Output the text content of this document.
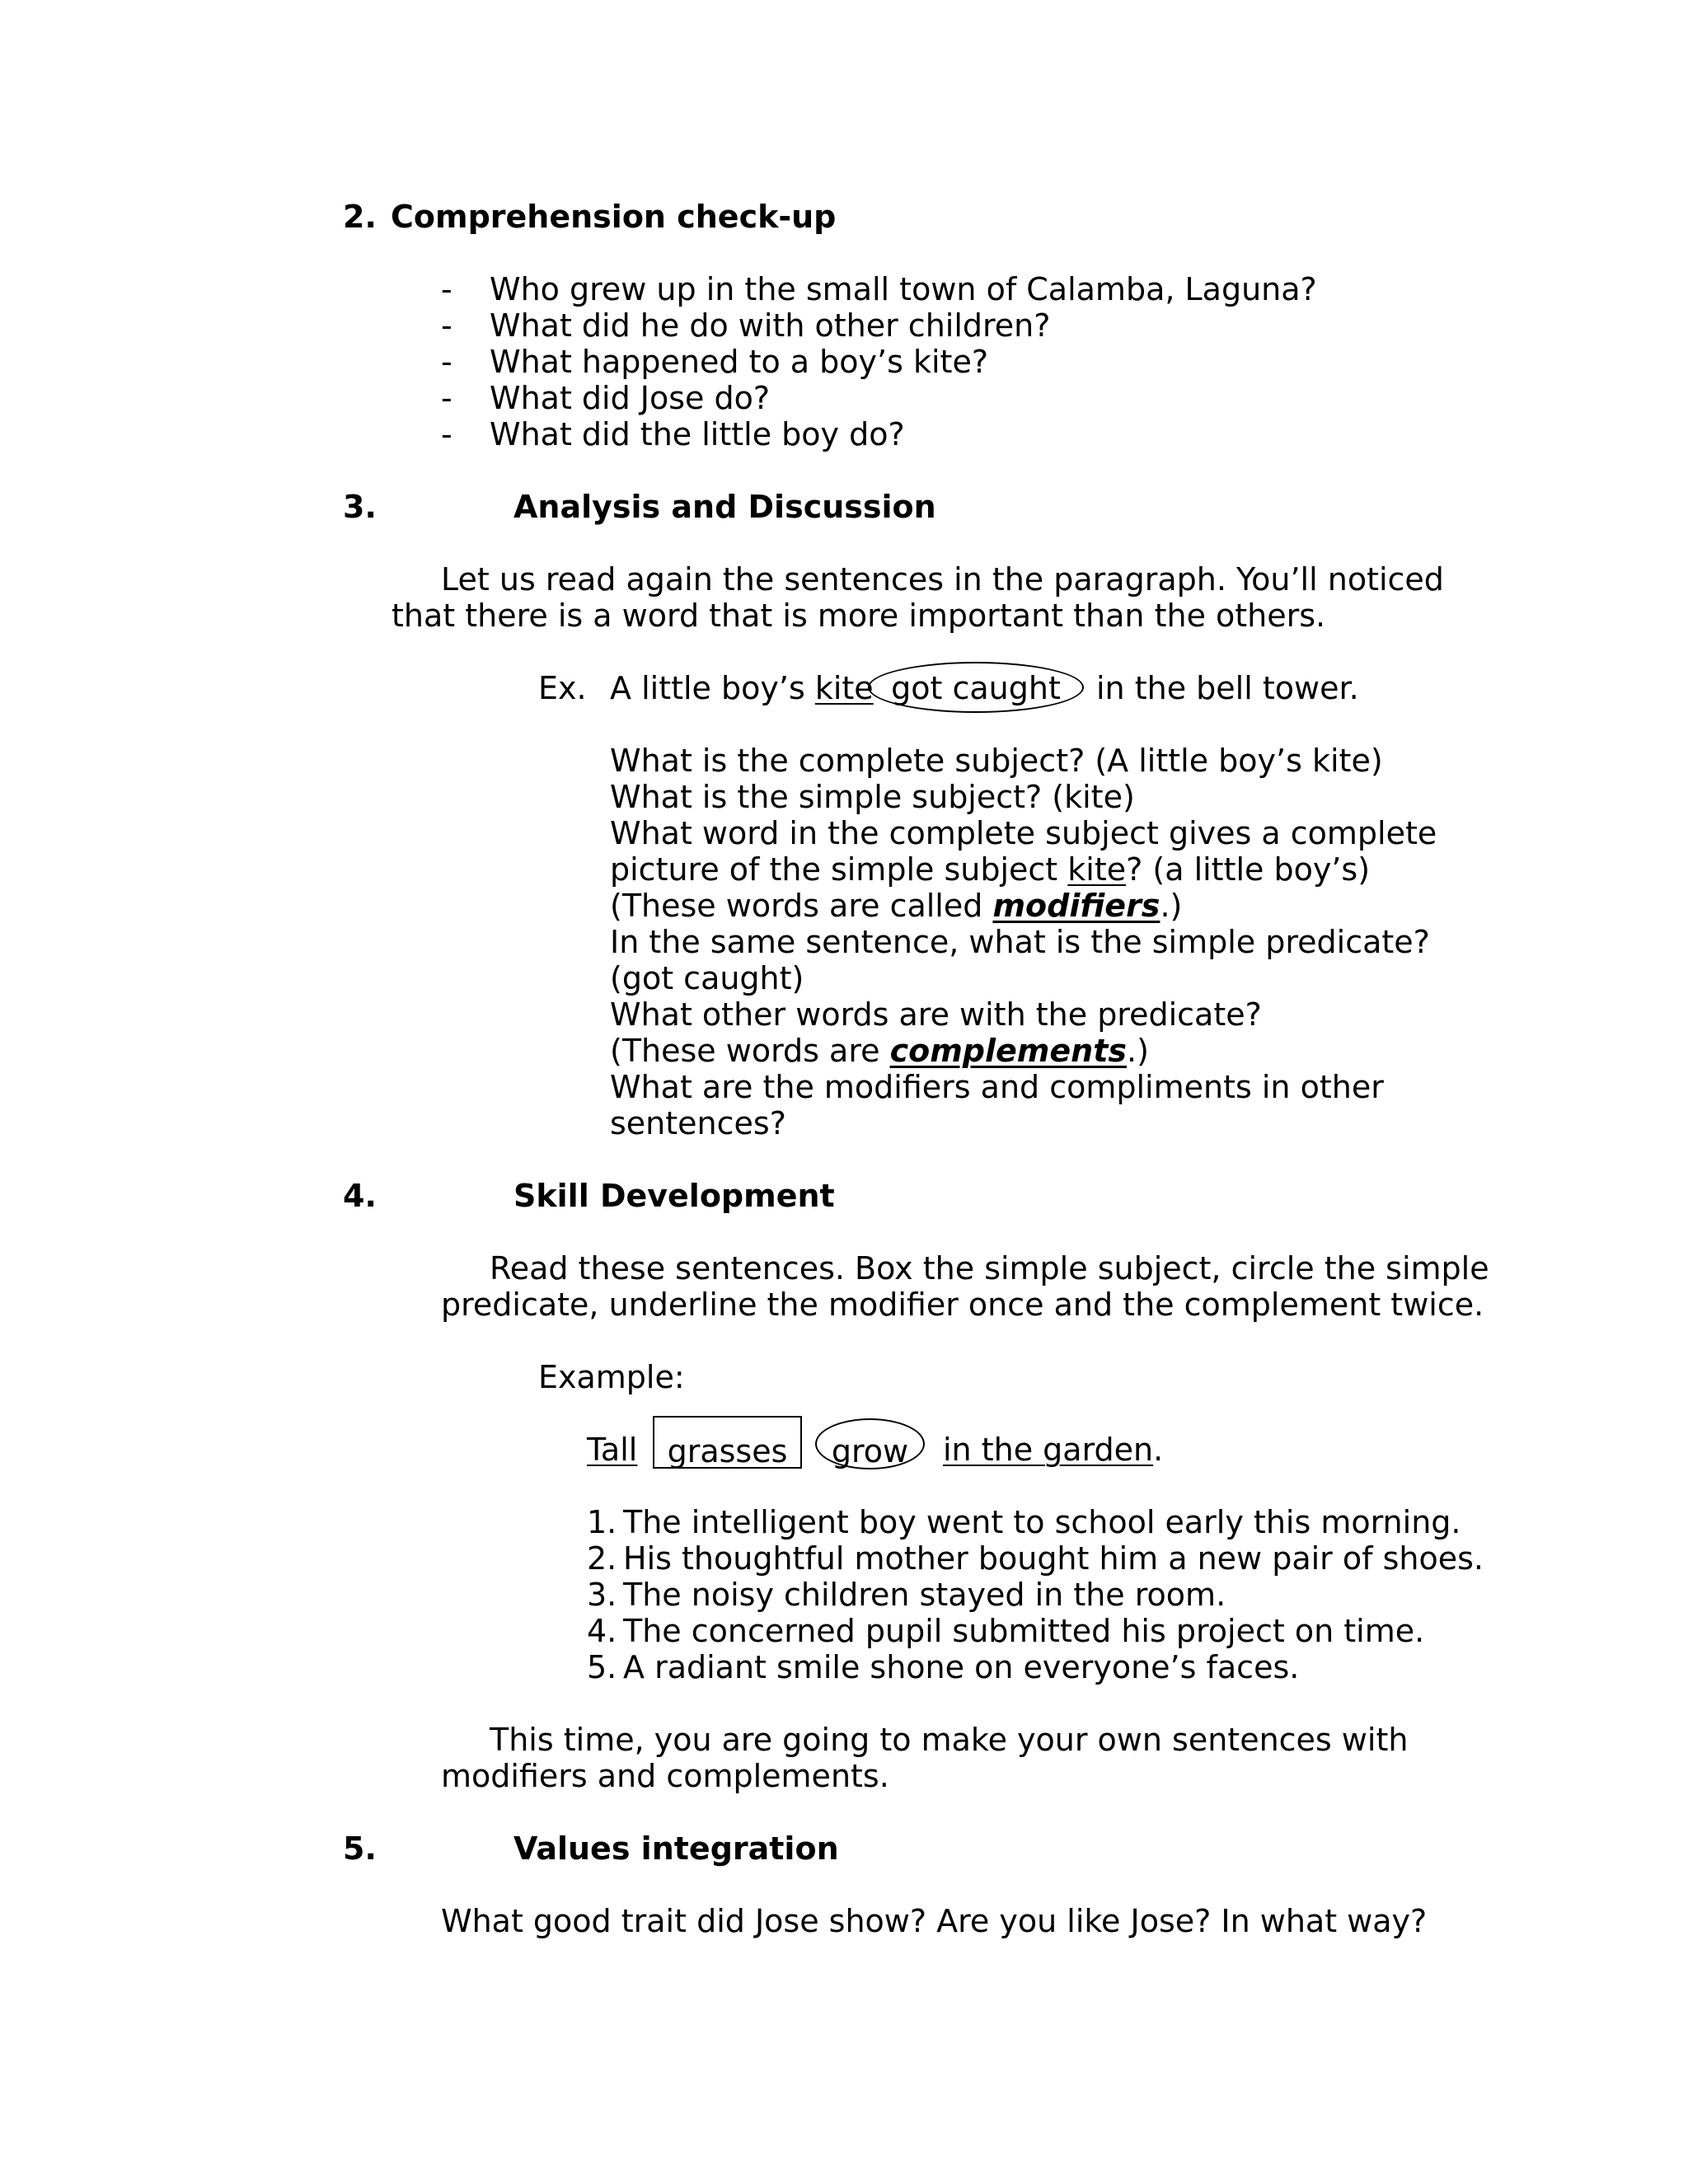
2. Comprehension check-up
- Who grew up in the small town of Calamba, Laguna?
- What did he do with other children?
- What happened to a boy’s kite?
- What did Jose do?
- What did the little boy do?
3.	Analysis and Discussion
Let us read again the sentences in the paragraph. You’ll noticed
that there is a word that is more important than the others.
Ex. A little boy’s kite got caught	in the bell tower.
What is the complete subject? (A little boy’s kite)
What is the simple subject? (kite)
What word in the complete subject gives a complete
picture of the simple subject kite? (a little boy’s)
(These words are called modifiers.)
In the same sentence, what is the simple predicate?
(got caught)
What other words are with the predicate?
(These words are complements.)
What are the modifiers and compliments in other
sentences?
4.	Skill Development
Read these sentences. Box the simple subject, circle the simple
predicate, underline the modifier once and the complement twice.
Example:
Tall grasses	grow	in the garden.
1. The intelligent boy went to school early this morning.
2. His thoughtful mother bought him a new pair of shoes.
3. The noisy children stayed in the room.
4. The concerned pupil submitted his project on time.
5. A radiant smile shone on everyone’s faces.
This time, you are going to make your own sentences with
modifiers and complements.
5.	Values integration
What good trait did Jose show? Are you like Jose? In what way?
